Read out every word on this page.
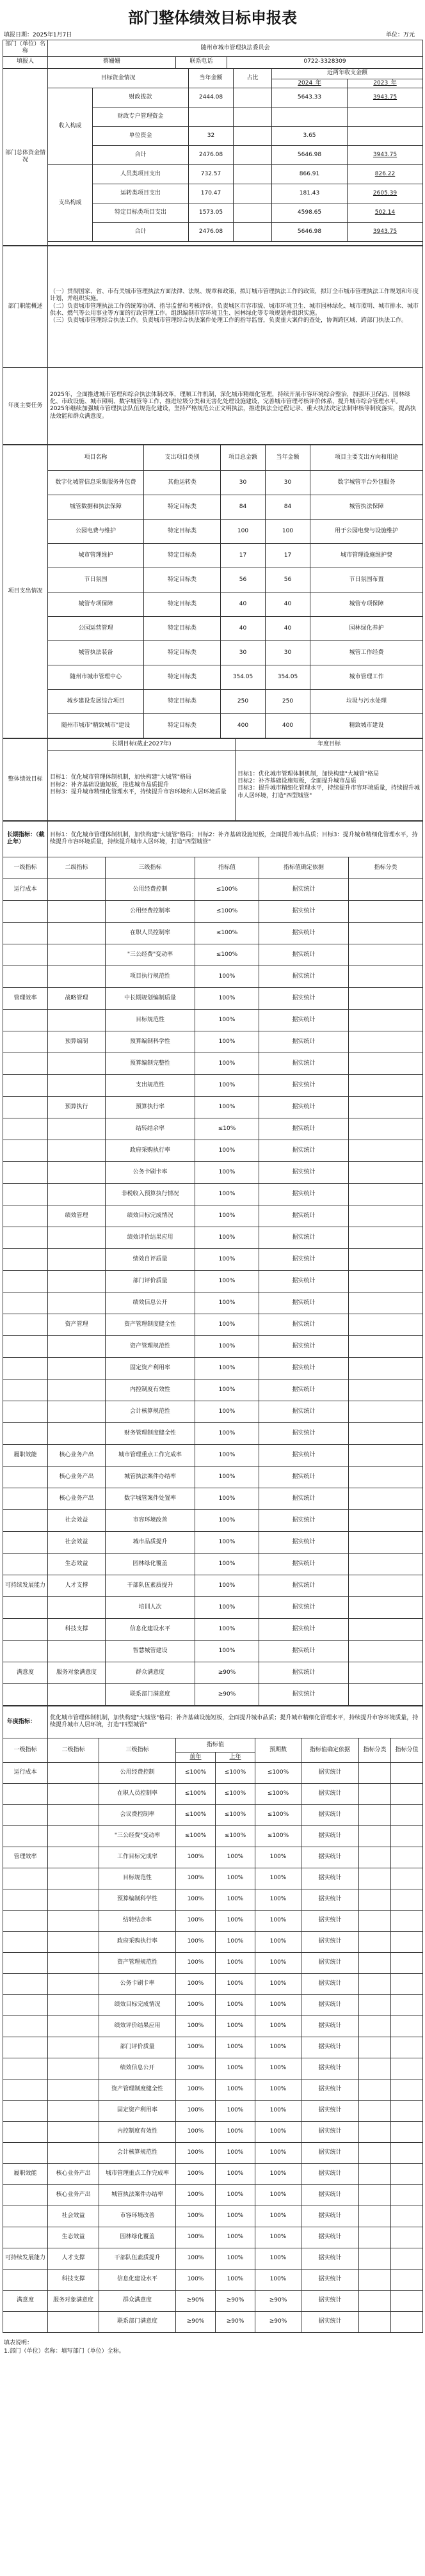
部门整体绩效目标申报表
填报日期：2025年1月7日	单位：万元
部门（单位）名称	随州市城市管理执法委员会		
填报人	蔡姗姗	联系电话	0722-3328309
部门总体资金情况	目标资金情况		当年金额	占比	近两年收支金额	
					2024_年	2023_年
	收入构成	财政拨款	2444.08		5643.33	3943.75
		财政专户管理资金				
		单位资金	32		3.65	
		合计	2476.08		5646.98	3943.75
	支出构成	人员类项目支出	732.57		866.91	826.22
		运转类项目支出	170.47		181.43	2605.39
		特定目标类项目支出	1573.05		4598.65	502.14
		合计	2476.08		5646.98	3943.75

部门职能概述	（一）贯彻国家、省、市有关城市管理执法方面法律、法规、规章和政策，拟订城市管理执法工作的政策，拟订全市城市管理执法工作规划和年度计划，并组织实施。
（二）负责城市管理执法工作的统筹协调、指导监督和考核评价。负责城区市容市貌、城市环境卫生、城市园林绿化、城市照明、城市排水、城市供水、燃气等公用事业等方面的行政管理工作。组织编制市容环境卫生、园林绿化等专项规划并组织实施。
（三）负责城市管理综合执法工作。负责城市管理综合执法案件处理工作的指导监督，负责重大案件的查处，协调跨区域、跨部门执法工作。
年度主要任务	2025年，全面推进城市管理和综合执法体制改革，理顺工作机制，深化城市精细化管理，持续开展市容环境综合整治，加强环卫保洁、园林绿化、市政设施、城市照明、数字城管等工作，推进垃圾分类和无害化处理设施建设，完善城市管理考核评价体系，提升城市综合管理水平。
2025年继续加强城市管理执法队伍规范化建设，坚持严格规范公正文明执法，推进执法全过程记录、重大执法决定法制审核等制度落实，提高执法效能和群众满意度。
项目支出情况	项目名称	支出项目类别	项目总金额	当年金额	项目主要支出方向和用途
	数字化城管信息采集服务外包费	其他运转类	30	30	数字城管平台外包服务
	城管数据和执法保障	特定目标类	84	84	城管执法保障
	公园电费与维护	特定目标类	100	100	用于公园电费与设施维护
	城市管理维护	特定目标类	17	17	城市管理设施维护费
	节日氛围	特定目标类	56	56	节日氛围布置
	城管专项保障	特定目标类	40	40	城管专项保障
	公园运营管理	特定目标类	40	40	园林绿化养护
	城管执法装备	特定目标类	30	30	城管工作经费
	随州市城市管理中心	特定目标类	354.05	354.05	城市管理工作
	城乡建设发展综合项目	特定目标类	250	250	垃圾与污水处理
	随州市城市"精致城市"建设	特定目标类	400	400	精致城市建设
整体绩效目标	长期目标(截止2027年)	年度目标
	目标1：优化城市管理体制机制，加快构建"大城管"格局
目标2：补齐基础设施短板，推进城市品质提升
目标3：提升城市精细化管理水平，持续提升市容环境和人居环境质量	目标1：优化城市管理体制机制，加快构建"大城管"格局
目标2：补齐基础设施短板，全面提升城市品质
目标3：提升城市精细化管理水平，持续提升市容环境质量，持续提升城市人居环境，打造"四型城管"
长期指标：（截止年）	目标1：优化城市管理体制机制，加快构建"大城管"格局；目标2：补齐基础设施短板，全面提升城市品质；目标3：提升城市精细化管理水平，持续提升市容环境质量，持续提升城市人居环境，打造"四型城管"				
一级指标	二级指标	三级指标	指标值	指标值确定依据	指标分类
运行成本		公用经费控制	≤100%	据实统计	
		公用经费控制率	≤100%	据实统计	
		在职人员控制率	≤100%	据实统计	
		"三公经费"变动率	≤100%	据实统计	
		项目执行规范性	100%	据实统计	
管理效率	战略管理	中长期规划编制质量	100%	据实统计	
		目标规范性	100%	据实统计	
	预算编制	预算编制科学性	100%	据实统计	
		预算编制完整性	100%	据实统计	
		支出规范性	100%	据实统计	
	预算执行	预算执行率	100%	据实统计	
		结转结余率	≤10%	据实统计	
		政府采购执行率	100%	据实统计	
		公务卡刷卡率	100%	据实统计	
		非税收入预算执行情况	100%	据实统计	
	绩效管理	绩效目标完成情况	100%	据实统计	
		绩效评价结果应用	100%	据实统计	
		绩效自评质量	100%	据实统计	
		部门评价质量	100%	据实统计	
		绩效信息公开	100%	据实统计	
	资产管理	资产管理制度健全性	100%	据实统计	
		资产管理规范性	100%	据实统计	
		固定资产利用率	100%	据实统计	
		内控制度有效性	100%	据实统计	
		会计核算规范性	100%	据实统计	
		财务管理制度健全性	100%	据实统计	
履职效能	核心业务产出	城市管理重点工作完成率	100%	据实统计	
	核心业务产出	城管执法案件办结率	100%	据实统计	
	核心业务产出	数字城管案件处置率	100%	据实统计	
	社会效益	市容环境改善	100%	据实统计	
	社会效益	城市品质提升	100%	据实统计	
	生态效益	园林绿化覆盖	100%	据实统计	
可持续发展能力	人才支撑	干部队伍素质提升	100%	据实统计	
		培训人次	100%	据实统计	
	科技支撑	信息化建设水平	100%	据实统计	
		智慧城管建设	100%	据实统计	
满意度	服务对象满意度	群众满意度	≥90%	据实统计	
		联系部门满意度	≥90%	据实统计	
年度指标：	优化城市管理体制机制，加快构建"大城管"格局；补齐基础设施短板，全面提升城市品质；提升城市精细化管理水平，持续提升市容环境质量，持续提升城市人居环境，打造"四型城管"							
一级指标	二级指标	三级指标	指标值		预期数	指标值确定依据	指标分类	指标分值
			前年	上年				
运行成本		公用经费控制	≤100%	≤100%	≤100%	据实统计		
		在职人员控制率	≤100%	≤100%	≤100%	据实统计		
		会议费控制率	≤100%	≤100%	≤100%	据实统计		
		"三公经费"变动率	≤100%	≤100%	≤100%	据实统计		
管理效率		工作目标完成率	100%	100%	100%	据实统计		
		目标规范性	100%	100%	100%	据实统计		
		预算编制科学性	100%	100%	100%	据实统计		
		结转结余率	100%	100%	100%	据实统计		
		政府采购执行率	100%	100%	100%	据实统计		
		资产管理规范性	100%	100%	100%	据实统计		
		公务卡刷卡率	100%	100%	100%	据实统计		
		绩效目标完成情况	100%	100%	100%	据实统计		
		绩效评价结果应用	100%	100%	100%	据实统计		
		部门评价质量	100%	100%	100%	据实统计		
		绩效信息公开	100%	100%	100%	据实统计		
		资产管理制度健全性	100%	100%	100%	据实统计		
		固定资产利用率	100%	100%	100%	据实统计		
		内控制度有效性	100%	100%	100%	据实统计		
		会计核算规范性	100%	100%	100%	据实统计		
履职效能	核心业务产出	城市管理重点工作完成率	100%	100%	100%	据实统计		
	核心业务产出	城管执法案件办结率	100%	100%	100%	据实统计		
	社会效益	市容环境改善	100%	100%	100%	据实统计		
	生态效益	园林绿化覆盖	100%	100%	100%	据实统计		
可持续发展能力	人才支撑	干部队伍素质提升	100%	100%	100%	据实统计		
	科技支撑	信息化建设水平	100%	100%	100%	据实统计		
满意度	服务对象满意度	群众满意度	≥90%	≥90%	≥90%	据实统计		
		联系部门满意度	≥90%	≥90%	≥90%	据实统计		
填表说明：
1.部门（单位）名称：填写部门（单位）全称。
